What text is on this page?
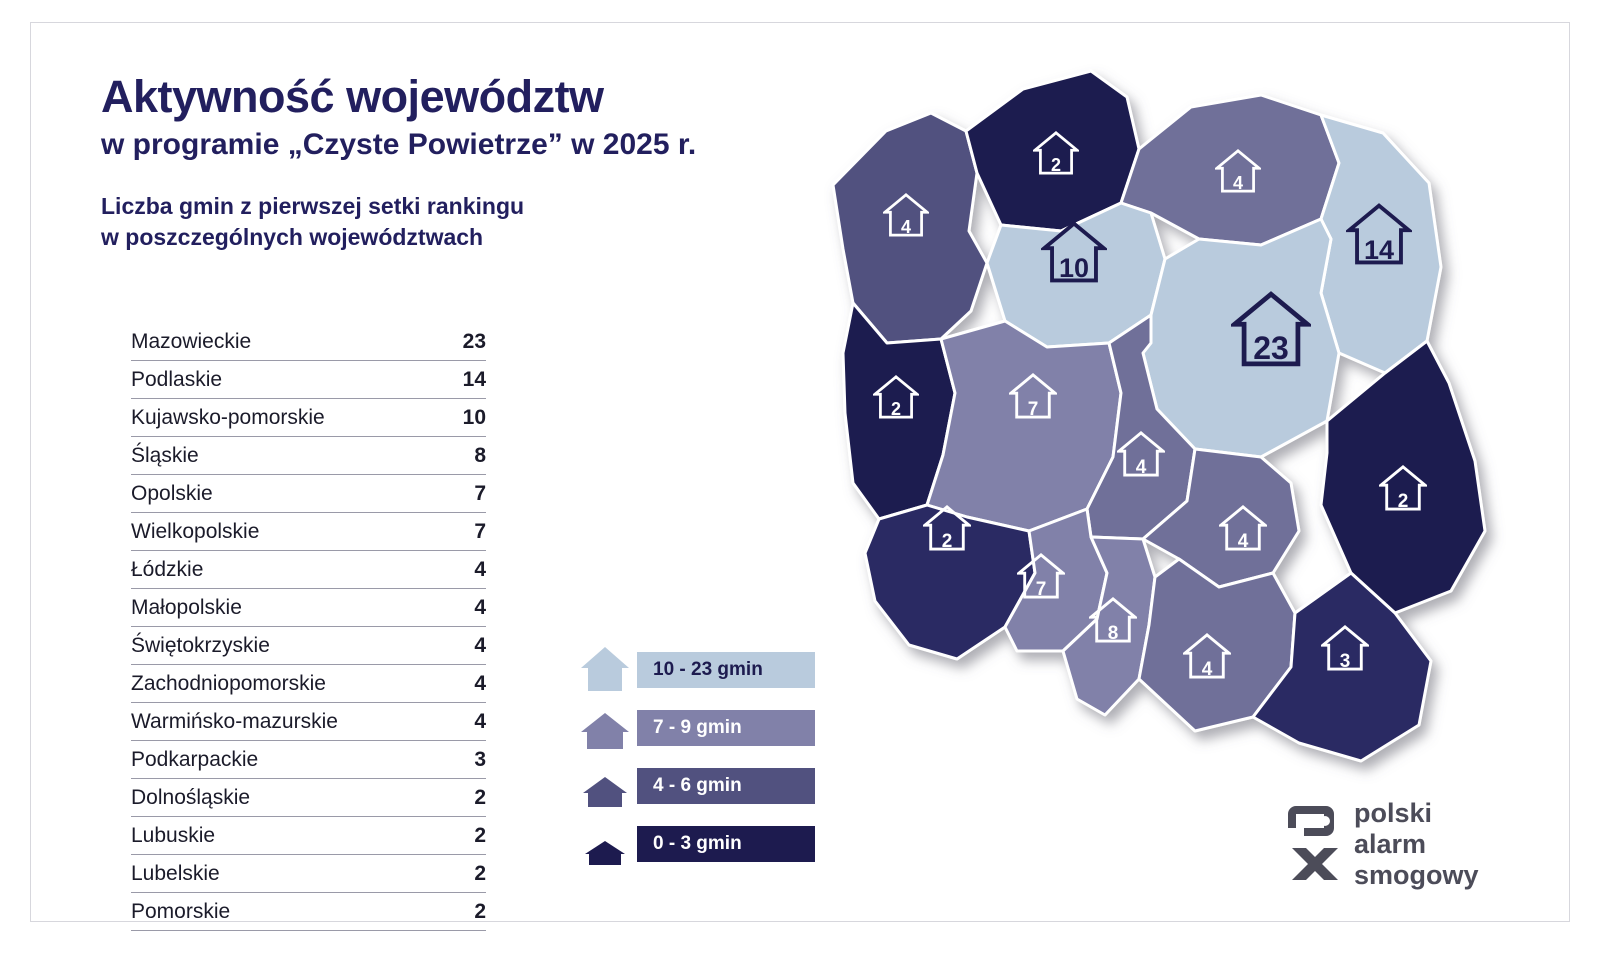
Aktywność województw
w programie „Czyste Powietrze” w 2025 r.

Liczba gmin z pierwszej setki rankingu
w poszczególnych województwach

Mazowieckie	23
Podlaskie	14
Kujawsko-pomorskie	10
Śląskie	8
Opolskie	7
Wielkopolskie	7
Łódzkie	4
Małopolskie	4
Świętokrzyskie	4
Zachodniopomorskie	4
Warmińsko-mazurskie	4
Podkarpackie	3
Dolnośląskie	2
Lubuskie	2
Lubelskie	2
Pomorskie	2
10 - 23 gmin
7 - 9 gmin
4 - 6 gmin
0 - 3 gmin
4
2
4
14
10
23
2	7
4
2
2
7
8
4
4	3
polski
alarm
smogowy
